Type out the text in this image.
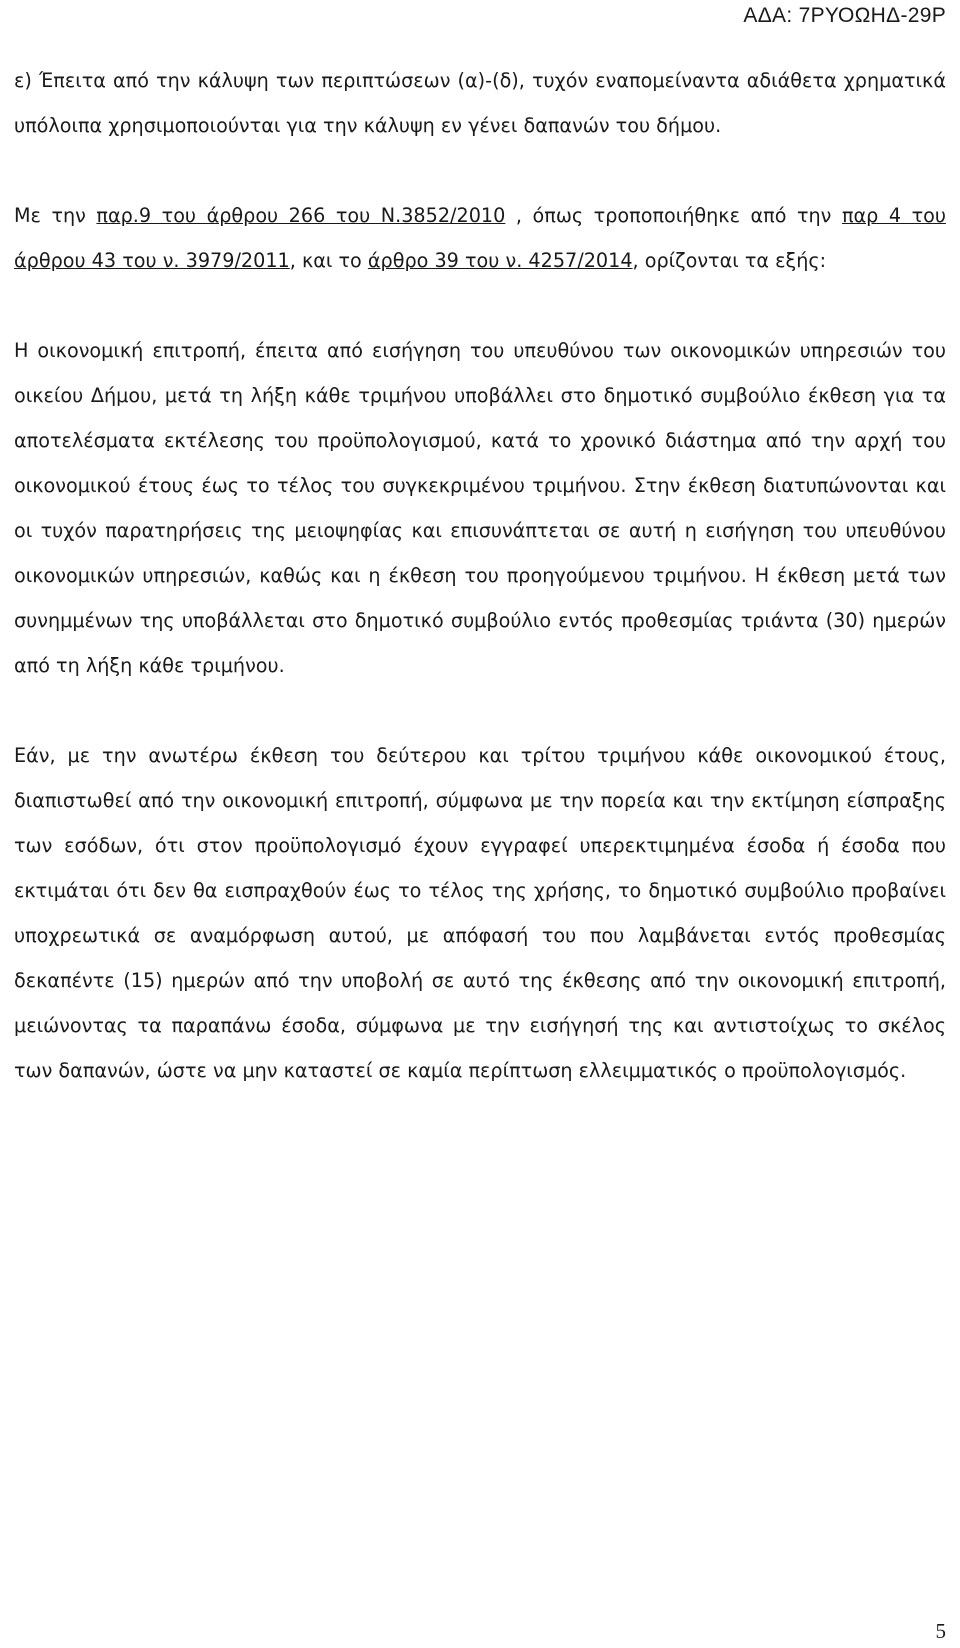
ΑΔΑ: 7ΡΥΟΩΗΔ-29Ρ

ε) Έπειτα από την κάλυψη των περιπτώσεων (α)-(δ), τυχόν εναπομείναντα αδιάθετα χρηματικά υπόλοιπα χρησιμοποιούνται για την κάλυψη εν γένει δαπανών του δήμου.

Με την παρ.9 του άρθρου 266 του Ν.3852/2010 , όπως τροποποιήθηκε από την παρ 4 του άρθρου 43 του ν. 3979/2011, και το άρθρο 39 του ν. 4257/2014, ορίζονται τα εξής:

Η οικονομική επιτροπή, έπειτα από εισήγηση του υπευθύνου των οικονομικών υπηρεσιών του οικείου Δήμου, μετά τη λήξη κάθε τριμήνου υποβάλλει στο δημοτικό συμβούλιο έκθεση για τα αποτελέσματα εκτέλεσης του προϋπολογισμού, κατά το χρονικό διάστημα από την αρχή του οικονομικού έτους έως το τέλος του συγκεκριμένου τριμήνου. Στην έκθεση διατυπώνονται και οι τυχόν παρατηρήσεις της μειοψηφίας και επισυνάπτεται σε αυτή η εισήγηση του υπευθύνου οικονομικών υπηρεσιών, καθώς και η έκθεση του προηγούμενου τριμήνου. Η έκθεση μετά των συνημμένων της υποβάλλεται στο δημοτικό συμβούλιο εντός προθεσμίας τριάντα (30) ημερών από τη λήξη κάθε τριμήνου.

Εάν, με την ανωτέρω έκθεση του δεύτερου και τρίτου τριμήνου κάθε οικονομικού έτους, διαπιστωθεί από την οικονομική επιτροπή, σύμφωνα με την πορεία και την εκτίμηση είσπραξης των εσόδων, ότι στον προϋπολογισμό έχουν εγγραφεί υπερεκτιμημένα έσοδα ή έσοδα που εκτιμάται ότι δεν θα εισπραχθούν έως το τέλος της χρήσης, το δημοτικό συμβούλιο προβαίνει υποχρεωτικά σε αναμόρφωση αυτού, με απόφασή του που λαμβάνεται εντός προθεσμίας δεκαπέντε (15) ημερών από την υποβολή σε αυτό της έκθεσης από την οικονομική επιτροπή, μειώνοντας τα παραπάνω έσοδα, σύμφωνα με την εισήγησή της και αντιστοίχως το σκέλος των δαπανών, ώστε να μην καταστεί σε καμία περίπτωση ελλειμματικός ο προϋπολογισμός.

5
